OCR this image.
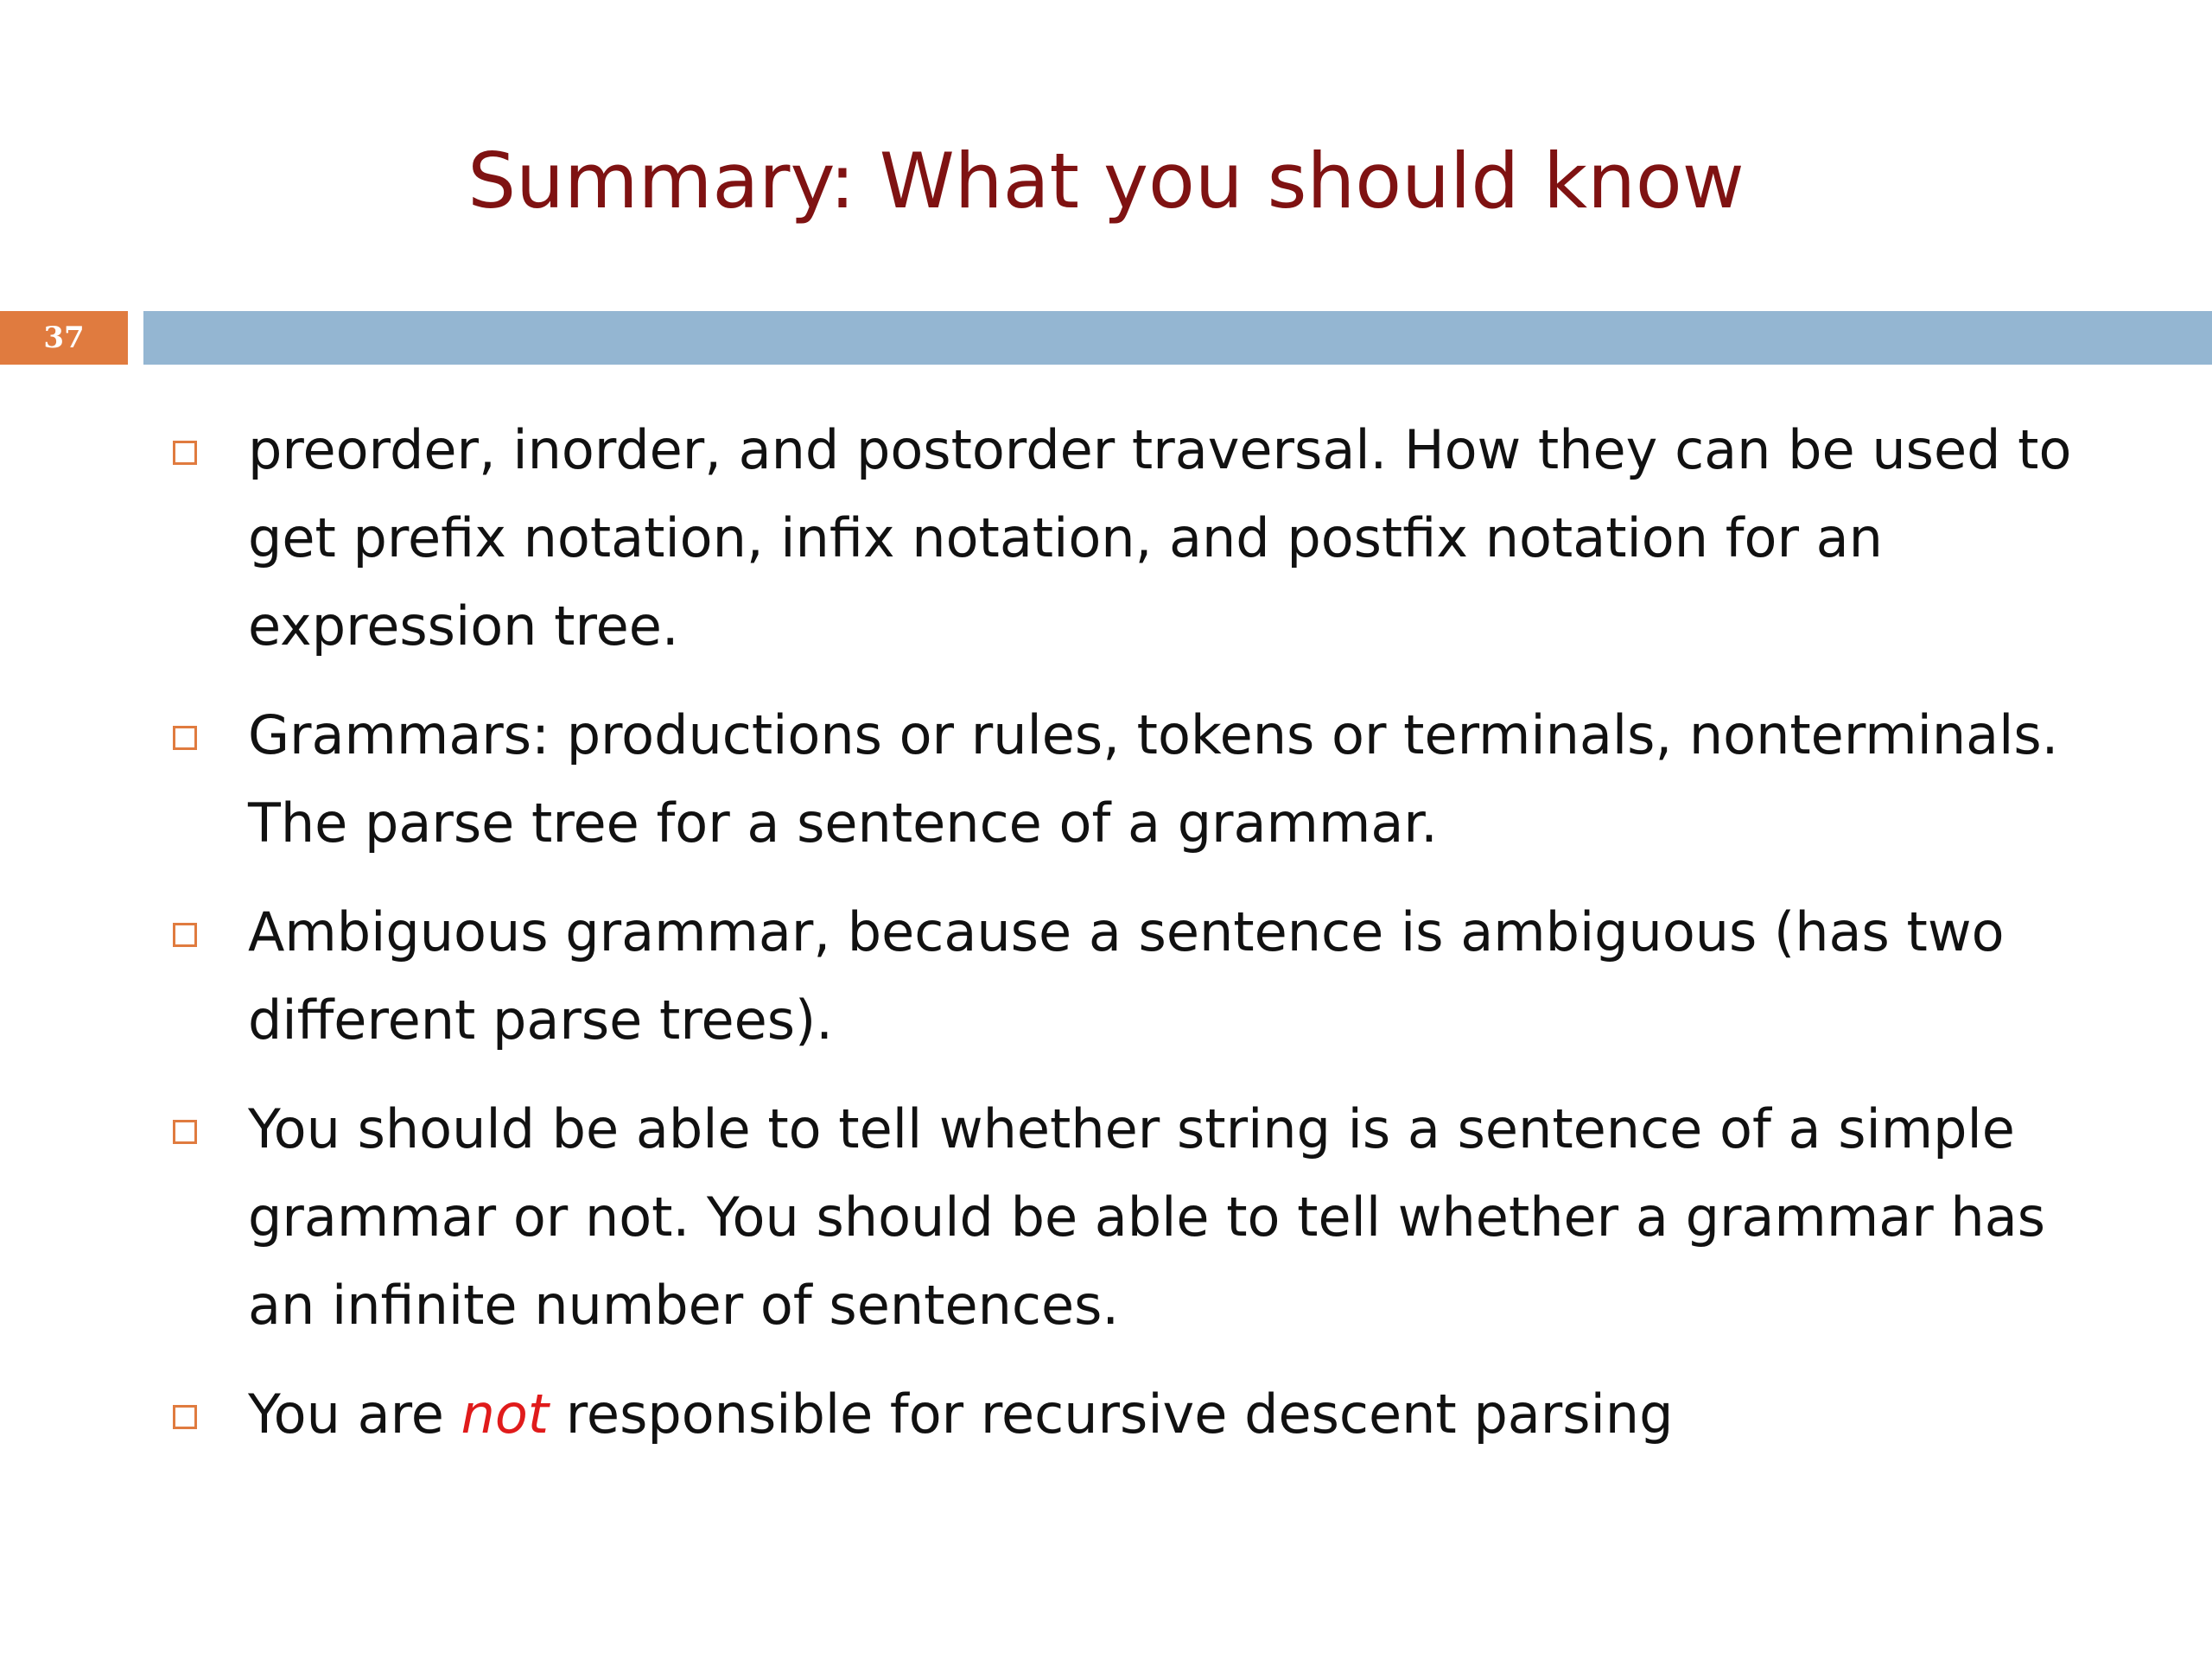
Summary: What you should know
37
preorder, inorder, and postorder traversal. How they can be used to get prefix notation, infix notation, and postfix notation for an expression tree.
Grammars: productions or rules, tokens or terminals, nonterminals. The parse tree for a sentence of a grammar.
Ambiguous grammar, because a sentence is ambiguous (has two different parse trees).
You should be able to tell whether string is a sentence of a simple grammar or not. You should be able to tell whether a grammar has an infinite number of sentences.
You are not responsible for recursive descent parsing
